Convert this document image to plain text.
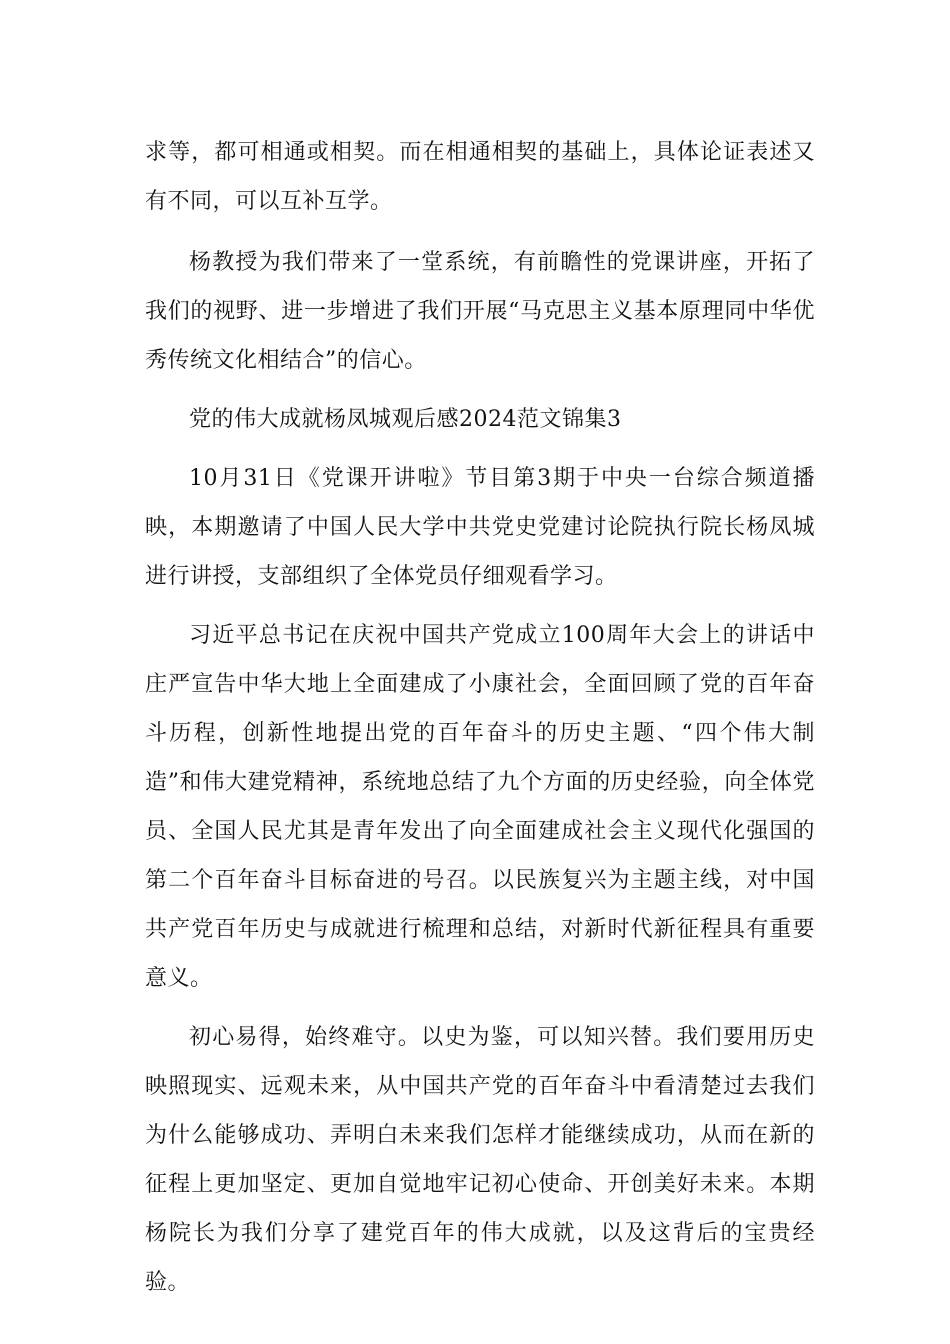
求等，都可相通或相契。而在相通相契的基础上，具体论证表述又有不同，可以互补互学。

杨教授为我们带来了一堂系统，有前瞻性的党课讲座，开拓了我们的视野、进一步增进了我们开展“马克思主义基本原理同中华优秀传统文化相结合”的信心。

党的伟大成就杨凤城观后感2024范文锦集3

10月31日《党课开讲啦》节目第3期于中央一台综合频道播映，本期邀请了中国人民大学中共党史党建讨论院执行院长杨凤城进行讲授，支部组织了全体党员仔细观看学习。

习近平总书记在庆祝中国共产党成立100周年大会上的讲话中庄严宣告中华大地上全面建成了小康社会，全面回顾了党的百年奋斗历程，创新性地提出党的百年奋斗的历史主题、“四个伟大制造”和伟大建党精神，系统地总结了九个方面的历史经验，向全体党员、全国人民尤其是青年发出了向全面建成社会主义现代化强国的第二个百年奋斗目标奋进的号召。以民族复兴为主题主线，对中国共产党百年历史与成就进行梳理和总结，对新时代新征程具有重要意义。

初心易得，始终难守。以史为鉴，可以知兴替。我们要用历史映照现实、远观未来，从中国共产党的百年奋斗中看清楚过去我们为什么能够成功、弄明白未来我们怎样才能继续成功，从而在新的征程上更加坚定、更加自觉地牢记初心使命、开创美好未来。本期杨院长为我们分享了建党百年的伟大成就，以及这背后的宝贵经验。
